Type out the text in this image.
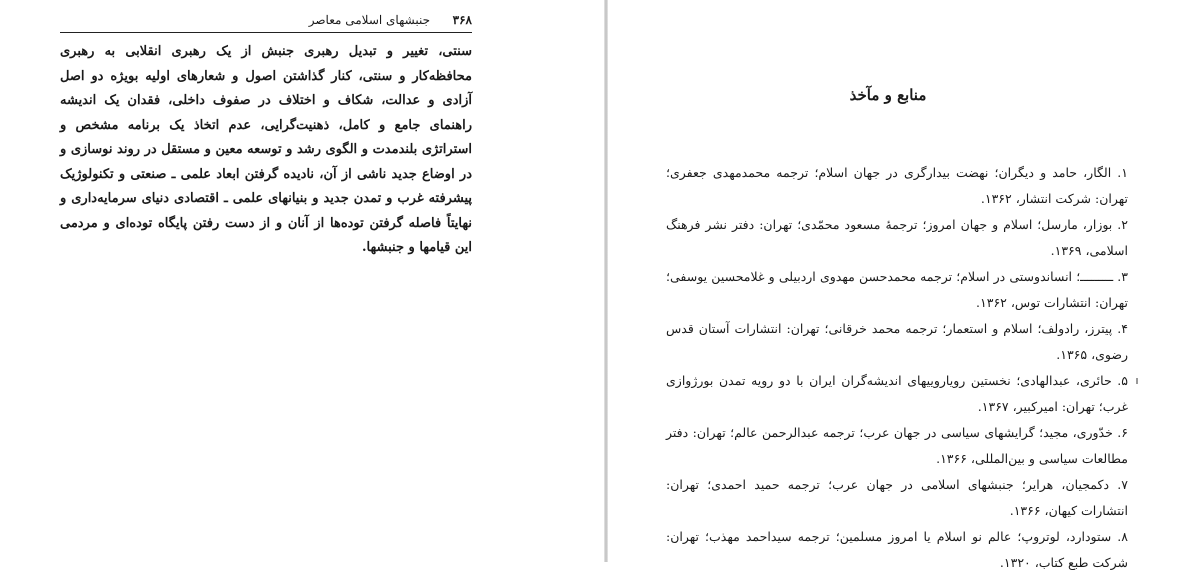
۳۶۸
جنبشهای اسلامی معاصر
سنتی، تغییر و تبدیل رهبری جنبش از یک رهبری انقلابی به رهبری محافظه‌کار و سنتی، کنار گذاشتن اصول و شعارهای اولیه بویژه دو اصل آزادی و عدالت، شکاف و اختلاف در صفوف داخلی، فقدان یک اندیشه راهنمای جامع و کامل، ذهنیت‌گرایی، عدم اتخاذ یک برنامه مشخص و استراتژی بلندمدت و الگوی رشد و توسعه معین و مستقل در روند نوسازی و در اوضاع جدید ناشی از آن، نادیده گرفتن ابعاد علمی ـ صنعتی و تکنولوژیک پیشرفته غرب و تمدن جدید و بنیانهای علمی ـ اقتصادی دنیای سرمایه‌داری و نهایتاً فاصله گرفتن توده‌ها از آنان و از دست رفتن پایگاه توده‌ای و مردمی این قیامها و جنبشها.
منابع و مآخذ

۱. الگار، حامد و دیگران؛ نهضت بیدارگری در جهان اسلام؛ ترجمه محمدمهدی جعفری؛ تهران: شرکت انتشار، ۱۳۶۲.

۲. بوزار، مارسل؛ اسلام و جهان امروز؛ ترجمهٔ مسعود محمّدی؛ تهران: دفتر نشر فرهنگ اسلامی، ۱۳۶۹.

۳. ـــــــــ؛ انساندوستی در اسلام؛ ترجمه محمدحسن مهدوی اردبیلی و غلامحسین یوسفی؛ تهران: انتشارات توس، ۱۳۶۲.

۴. پیترز، رادولف؛ اسلام و استعمار؛ ترجمه محمد خرقانی؛ تهران: انتشارات آستان قدس رضوی، ۱۳۶۵.

۵. حائری، عبدالهادی؛ نخستین رویاروییهای اندیشه‌گران ایران با دو رویه تمدن بورژوازی غرب؛ تهران: امیرکبیر، ۱۳۶۷.

۶. خدّوری، مجید؛ گرایشهای سیاسی در جهان عرب؛ ترجمه عبدالرحمن عالم؛ تهران: دفتر مطالعات سیاسی و بین‌المللی، ۱۳۶۶.

۷. دکمجیان، هرایر؛ جنبشهای اسلامی در جهان عرب؛ ترجمه حمید احمدی؛ تهران: انتشارات کیهان، ۱۳۶۶.

۸. ستودارد، لوتروپ؛ عالم نو اسلام یا امروز مسلمین؛ ترجمه سیداحمد مهذب؛ تهران: شرکت طبع کتاب، ۱۳۲۰.
